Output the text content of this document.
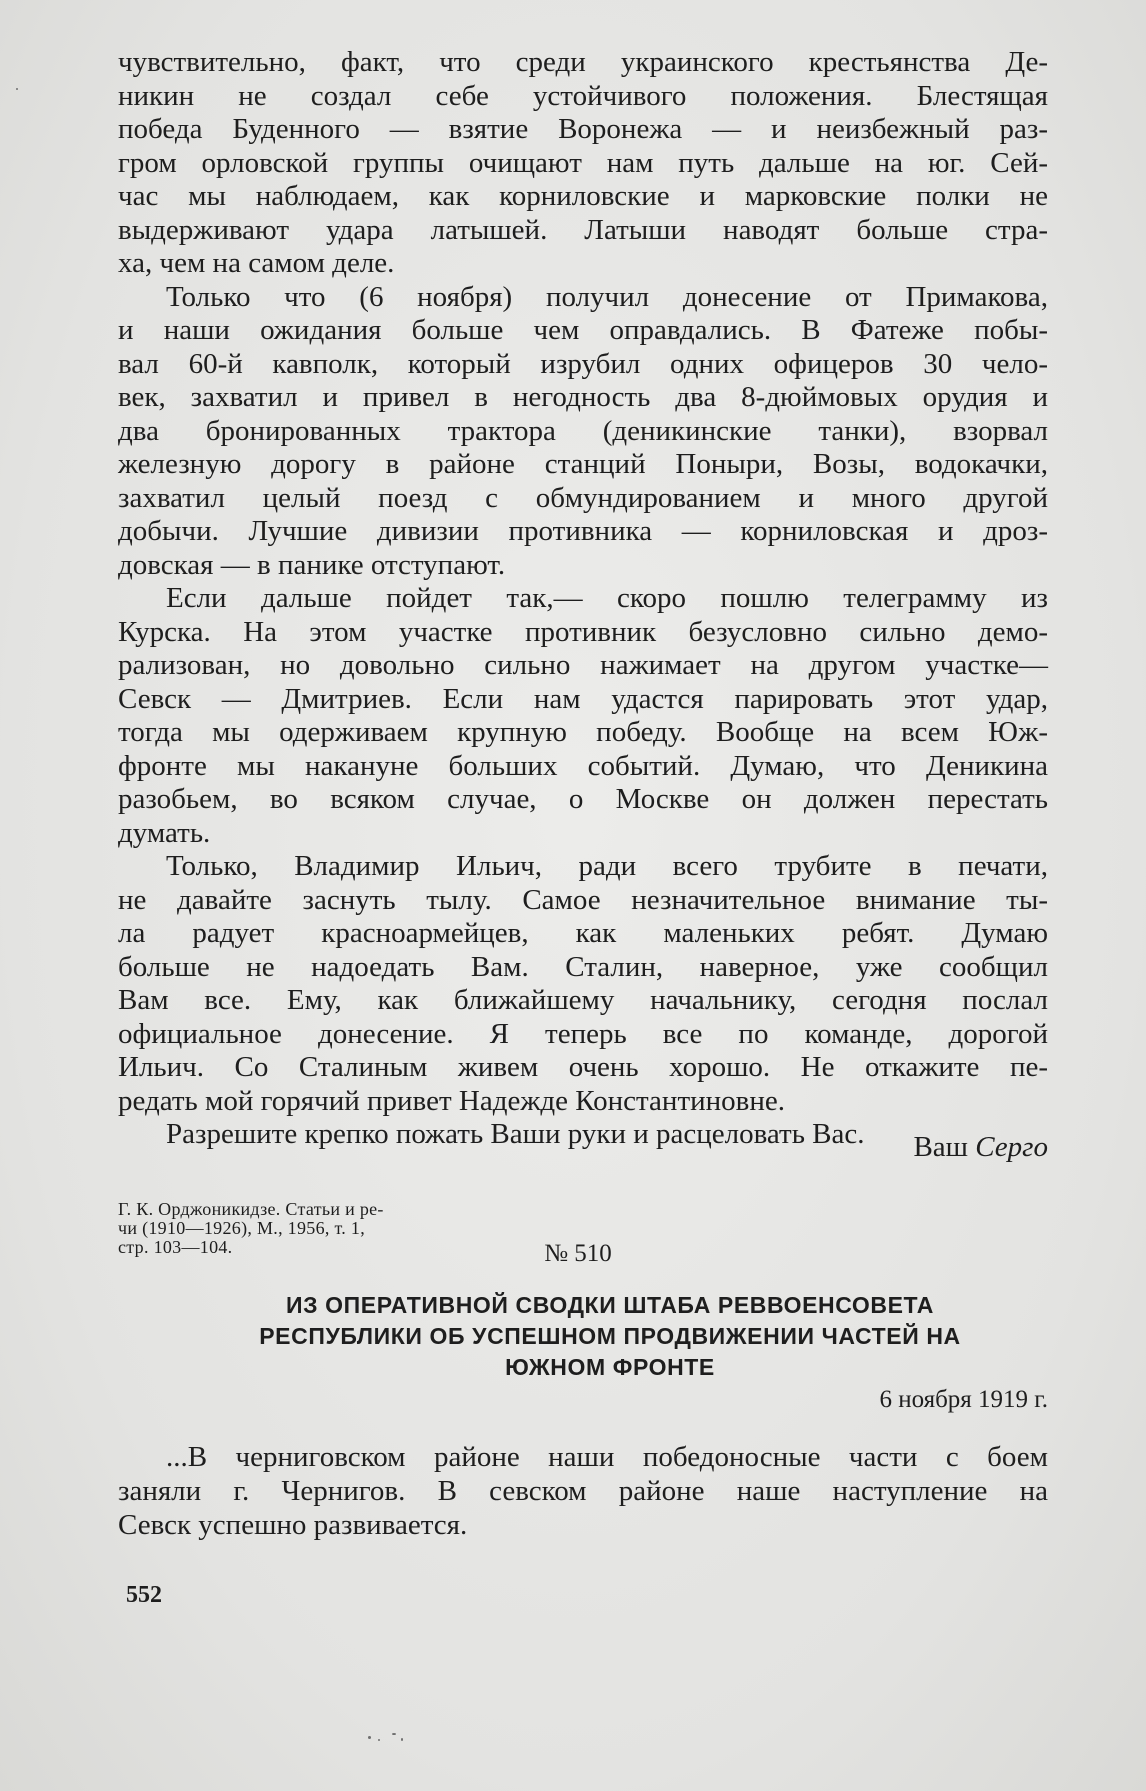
чувствительно, факт, что среди украинского крестьянства Де-

никин не создал себе устойчивого положения. Блестящая

победа Буденного — взятие Воронежа — и неизбежный раз-

гром орловской группы очищают нам путь дальше на юг. Сей-

час мы наблюдаем, как корниловские и марковские полки не

выдерживают удара латышей. Латыши наводят больше стра-

ха, чем на самом деле.

Только что (6 ноября) получил донесение от Примакова,

и наши ожидания больше чем оправдались. В Фатеже побы-

вал 60-й кавполк, который изрубил одних офицеров 30 чело-

век, захватил и привел в негодность два 8-дюймовых орудия и

два бронированных трактора (деникинские танки), взорвал

железную дорогу в районе станций Поныри, Возы, водокачки,

захватил целый поезд с обмундированием и много другой

добычи. Лучшие дивизии противника — корниловская и дроз-

довская — в панике отступают.

Если дальше пойдет так,— скоро пошлю телеграмму из

Курска. На этом участке противник безусловно сильно демо-

рализован, но довольно сильно нажимает на другом участке—

Севск — Дмитриев. Если нам удастся парировать этот удар,

тогда мы одерживаем крупную победу. Вообще на всем Юж-

фронте мы накануне больших событий. Думаю, что Деникина

разобьем, во всяком случае, о Москве он должен перестать

думать.

Только, Владимир Ильич, ради всего трубите в печати,

не давайте заснуть тылу. Самое незначительное внимание ты-

ла радует красноармейцев, как маленьких ребят. Думаю

больше не надоедать Вам. Сталин, наверное, уже сообщил

Вам все. Ему, как ближайшему начальнику, сегодня послал

официальное донесение. Я теперь все по команде, дорогой

Ильич. Со Сталиным живем очень хорошо. Не откажите пе-

редать мой горячий привет Надежде Константиновне.

Разрешите крепко пожать Ваши руки и расцеловать Вас.	Ваш Серго

Г. К. Орджоникидзе. Статьи и ре-

чи (1910—1926), М., 1956, т. 1,

стр. 103—104.	№ 510

ИЗ ОПЕРАТИВНОЙ СВОДКИ ШТАБА РЕВВОЕНСОВЕТА

РЕСПУБЛИКИ ОБ УСПЕШНОМ ПРОДВИЖЕНИИ ЧАСТЕЙ НА

ЮЖНОМ ФРОНТЕ

6 ноября 1919 г.

...В черниговском районе наши победоносные части с боем

заняли г. Чернигов. В севском районе наше наступление на

Севск успешно развивается.

552
